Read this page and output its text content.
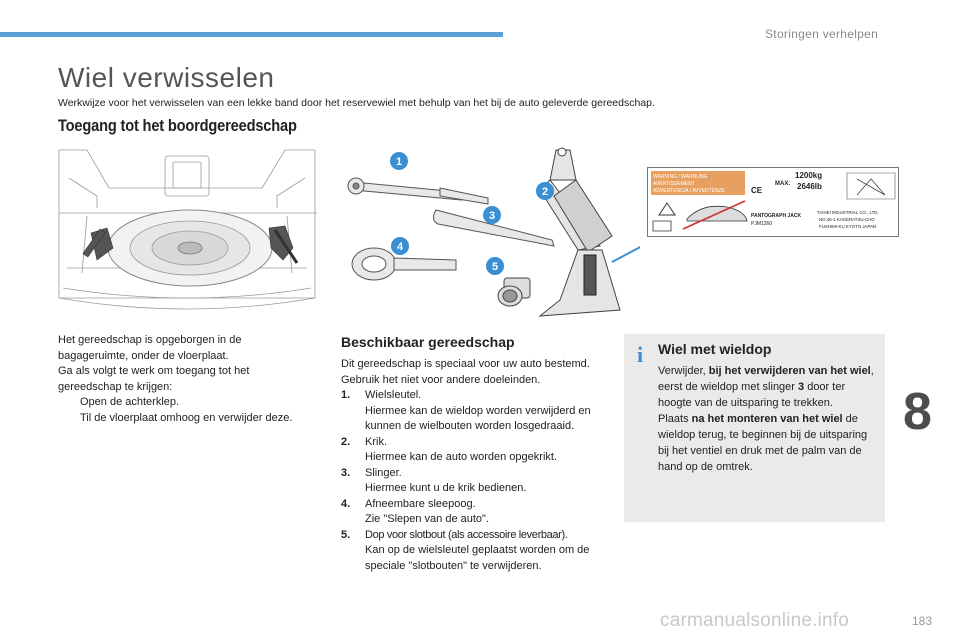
Storingen verhelpen
Wiel verwisselen
Werkwijze voor het verwisselen van een lekke band door het reservewiel met behulp van het bij de auto geleverde gereedschap.
Toegang tot het boordgereedschap
1
2
3
4
5
WARNING / WARNUNG
AVERTISSEMENT
ADVERTENCIA / AVVERTENZE	CE
MAX.
1200kg
2646lb
PANTOGRAPH JACK
PJM1260
TAIHEI INDUSTRIAL CO., LTD.
NO.46-1 KAGERATSU-CHO
FUSHIMI-KU KYOTO JAPAN
Het gereedschap is opgeborgen in de bagageruimte, onder de vloerplaat.
Ga als volgt te werk om toegang tot het gereedschap te krijgen:
Open de achterklep.
Til de vloerplaat omhoog en verwijder deze.
Beschikbaar gereedschap
Dit gereedschap is speciaal voor uw auto bestemd. Gebruik het niet voor andere doeleinden.
1.	Wielsleutel.
Hiermee kan de wieldop worden verwijderd en kunnen de wielbouten worden losgedraaid.
2.	Krik.
Hiermee kan de auto worden opgekrikt.
3.	Slinger.
Hiermee kunt u de krik bedienen.
4.	Afneembare sleepoog.
Zie "Slepen van de auto".
5.	Dop voor slotbout (als accessoire leverbaar).
Kan op de wielsleutel geplaatst worden om de speciale "slotbouten" te verwijderen.
i Wiel met wieldop
Verwijder, bij het verwijderen van het wiel, eerst de wieldop met slinger 3 door ter hoogte van de uitsparing te trekken.
Plaats na het monteren van het wiel de wieldop terug, te beginnen bij de uitsparing bij het ventiel en druk met de palm van de hand op de omtrek.
8
carmanualsonline.info	183
